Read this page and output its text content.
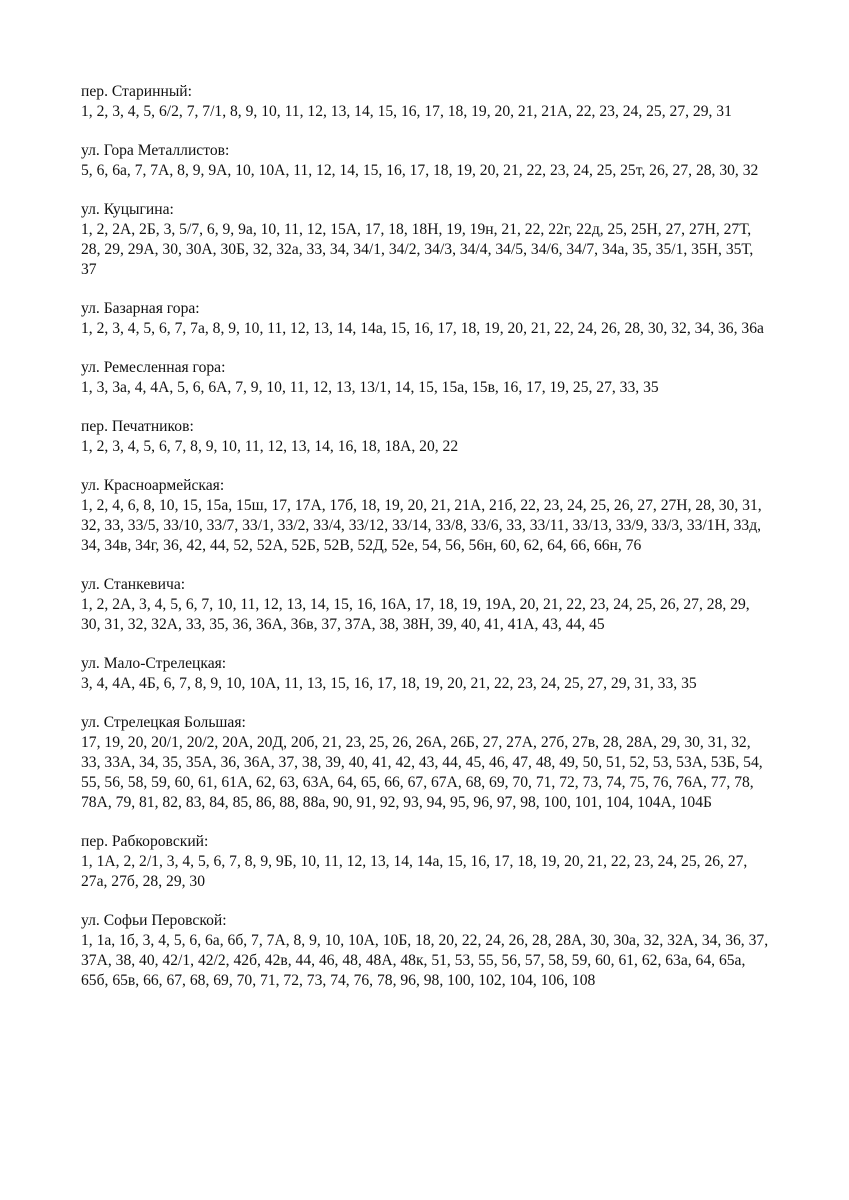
пер. Старинный:
1, 2, 3, 4, 5, 6/2, 7, 7/1, 8, 9, 10, 11, 12, 13, 14, 15, 16, 17, 18, 19, 20, 21, 21А, 22, 23, 24, 25, 27, 29, 31
ул. Гора Металлистов:
5, 6, 6а, 7, 7А, 8, 9, 9А, 10, 10А, 11, 12, 14, 15, 16, 17, 18, 19, 20, 21, 22, 23, 24, 25, 25т, 26, 27, 28, 30, 32
ул. Куцыгина:
1, 2, 2А, 2Б, 3, 5/7, 6, 9, 9а, 10, 11, 12, 15А, 17, 18, 18Н, 19, 19н, 21, 22, 22г, 22д, 25, 25Н, 27, 27Н, 27Т, 28, 29, 29А, 30, 30А, 30Б, 32, 32а, 33, 34, 34/1, 34/2, 34/3, 34/4, 34/5, 34/6, 34/7, 34а, 35, 35/1, 35Н, 35Т, 37
ул. Базарная гора:
1, 2, 3, 4, 5, 6, 7, 7а, 8, 9, 10, 11, 12, 13, 14, 14а, 15, 16, 17, 18, 19, 20, 21, 22, 24, 26, 28, 30, 32, 34, 36, 36а
ул. Ремесленная гора:
1, 3, 3а, 4, 4А, 5, 6, 6А, 7, 9, 10, 11, 12, 13, 13/1, 14, 15, 15а, 15в, 16, 17, 19, 25, 27, 33, 35
пер. Печатников:
1, 2, 3, 4, 5, 6, 7, 8, 9, 10, 11, 12, 13, 14, 16, 18, 18А, 20, 22
ул. Красноармейская:
1, 2, 4, 6, 8, 10, 15, 15а, 15ш, 17, 17А, 17б, 18, 19, 20, 21, 21А, 21б, 22, 23, 24, 25, 26, 27, 27Н, 28, 30, 31, 32, 33, 33/5, 33/10, 33/7, 33/1, 33/2, 33/4, 33/12, 33/14, 33/8, 33/6, 33, 33/11, 33/13, 33/9, 33/3, 33/1Н, 33д, 34, 34в, 34г, 36, 42, 44, 52, 52А, 52Б, 52В, 52Д, 52е, 54, 56, 56н, 60, 62, 64, 66, 66н, 76
ул. Станкевича:
1, 2, 2А, 3, 4, 5, 6, 7, 10, 11, 12, 13, 14, 15, 16, 16А, 17, 18, 19, 19А, 20, 21, 22, 23, 24, 25, 26, 27, 28, 29, 30, 31, 32, 32А, 33, 35, 36, 36А, 36в, 37, 37А, 38, 38Н, 39, 40, 41, 41А, 43, 44, 45
ул. Мало-Стрелецкая:
3, 4, 4А, 4Б, 6, 7, 8, 9, 10, 10А, 11, 13, 15, 16, 17, 18, 19, 20, 21, 22, 23, 24, 25, 27, 29, 31, 33, 35
ул. Стрелецкая Большая:
17, 19, 20, 20/1, 20/2, 20А, 20Д, 20б, 21, 23, 25, 26, 26А, 26Б, 27, 27А, 27б, 27в, 28, 28А, 29, 30, 31, 32, 33, 33А, 34, 35, 35А, 36, 36А, 37, 38, 39, 40, 41, 42, 43, 44, 45, 46, 47, 48, 49, 50, 51, 52, 53, 53А, 53Б, 54, 55, 56, 58, 59, 60, 61, 61А, 62, 63, 63А, 64, 65, 66, 67, 67А, 68, 69, 70, 71, 72, 73, 74, 75, 76, 76А, 77, 78, 78А, 79, 81, 82, 83, 84, 85, 86, 88, 88а, 90, 91, 92, 93, 94, 95, 96, 97, 98, 100, 101, 104, 104А, 104Б
пер. Рабкоровский:
1, 1А, 2, 2/1, 3, 4, 5, 6, 7, 8, 9, 9Б, 10, 11, 12, 13, 14, 14а, 15, 16, 17, 18, 19, 20, 21, 22, 23, 24, 25, 26, 27, 27а, 27б, 28, 29, 30
ул. Софьи Перовской:
1, 1а, 1б, 3, 4, 5, 6, 6а, 6б, 7, 7А, 8, 9, 10, 10А, 10Б, 18, 20, 22, 24, 26, 28, 28А, 30, 30а, 32, 32А, 34, 36, 37, 37А, 38, 40, 42/1, 42/2, 42б, 42в, 44, 46, 48, 48А, 48к, 51, 53, 55, 56, 57, 58, 59, 60, 61, 62, 63а, 64, 65а, 65б, 65в, 66, 67, 68, 69, 70, 71, 72, 73, 74, 76, 78, 96, 98, 100, 102, 104, 106, 108
